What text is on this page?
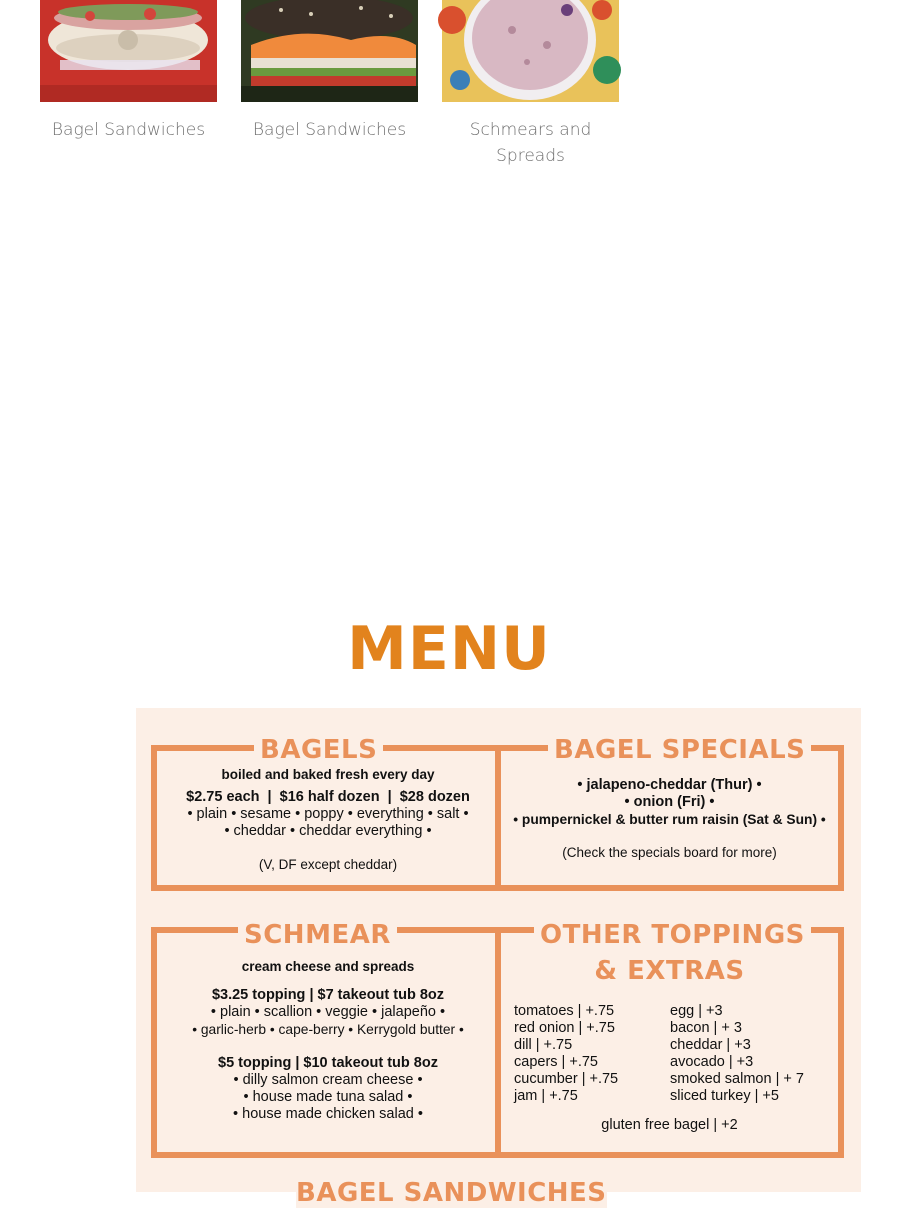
Bagel Sandwiches	Bagel Sandwiches	Schmears and Spreads
MENU
BAGELS
boiled and baked fresh every day
$2.75 each  |  $16 half dozen  |  $28 dozen
• plain • sesame • poppy • everything • salt •
• cheddar • cheddar everything •
(V, DF except cheddar)
BAGEL SPECIALS
• jalapeno-cheddar (Thur) •
• onion (Fri) •
• pumpernickel & butter rum raisin (Sat & Sun) •
(Check the specials board for more)
SCHMEAR
cream cheese and spreads
$3.25 topping | $7 takeout tub 8oz
• plain • scallion • veggie • jalapeño •
• garlic-herb • cape-berry • Kerrygold butter •
$5 topping | $10 takeout tub 8oz
• dilly salmon cream cheese •
• house made tuna salad •
• house made chicken salad •
OTHER TOPPINGS
& EXTRAS
tomatoes | +.75
red onion | +.75
dill | +.75
capers | +.75
cucumber | +.75
jam | +.75
egg | +3
bacon | + 3
cheddar | +3
avocado | +3
smoked salmon | + 7
sliced turkey | +5
gluten free bagel | +2
BAGEL SANDWICHES
